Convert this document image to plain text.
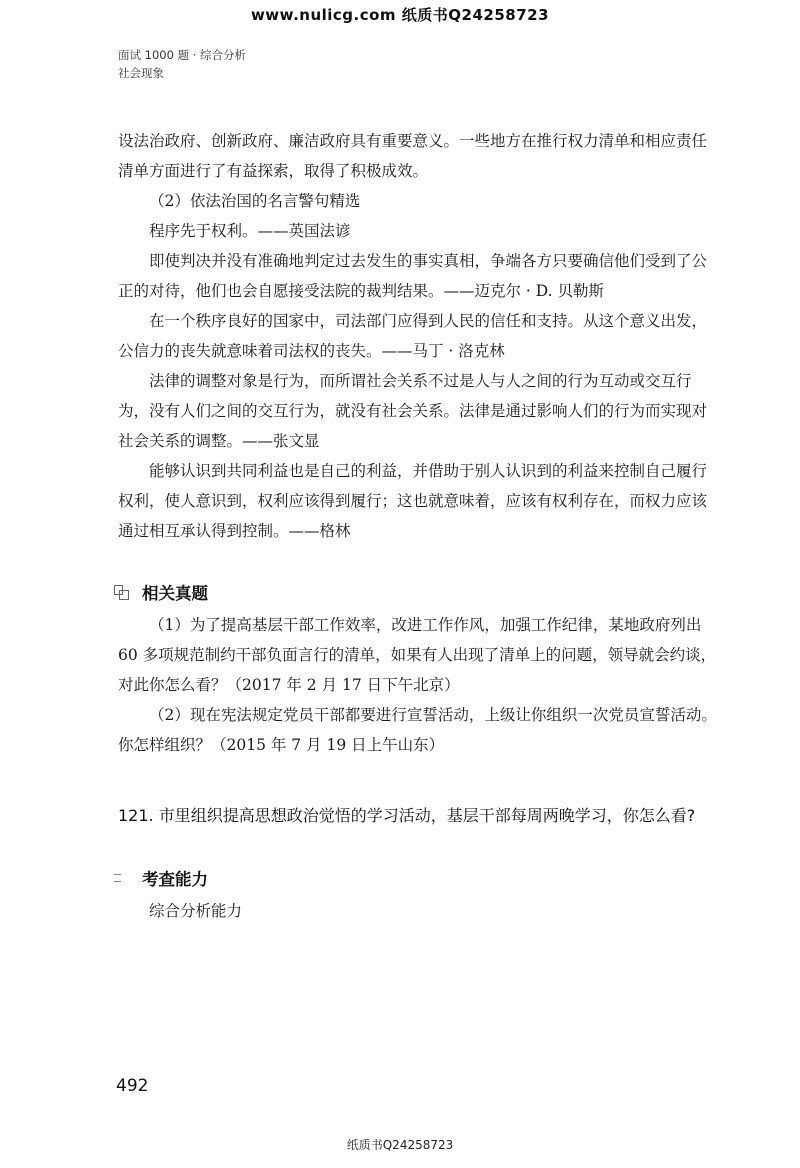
www.nulicg.com 纸质书Q24258723
面试 1000 题 · 综合分析
社会现象

设法治政府、创新政府、廉洁政府具有重要意义。一些地方在推行权力清单和相应责任清单方面进行了有益探索，取得了积极成效。

（2）依法治国的名言警句精选

程序先于权利。——英国法谚

即使判决并没有准确地判定过去发生的事实真相，争端各方只要确信他们受到了公正的对待，他们也会自愿接受法院的裁判结果。——迈克尔 · D. 贝勒斯

在一个秩序良好的国家中，司法部门应得到人民的信任和支持。从这个意义出发，公信力的丧失就意味着司法权的丧失。——马丁 · 洛克林

法律的调整对象是行为，而所谓社会关系不过是人与人之间的行为互动或交互行为，没有人们之间的交互行为，就没有社会关系。法律是通过影响人们的行为而实现对社会关系的调整。——张文显

能够认识到共同利益也是自己的利益，并借助于别人认识到的利益来控制自己履行权利，使人意识到，权利应该得到履行；这也就意味着，应该有权利存在，而权力应该通过相互承认得到控制。——格林

相关真题

（1）为了提高基层干部工作效率，改进工作作风，加强工作纪律，某地政府列出 60 多项规范制约干部负面言行的清单，如果有人出现了清单上的问题，领导就会约谈，对此你怎么看？（2017 年 2 月 17 日下午北京）

（2）现在宪法规定党员干部都要进行宣誓活动，上级让你组织一次党员宣誓活动。你怎样组织？（2015 年 7 月 19 日上午山东）

121. 市里组织提高思想政治觉悟的学习活动，基层干部每周两晚学习，你怎么看?

考查能力

综合分析能力

492
纸质书Q24258723
